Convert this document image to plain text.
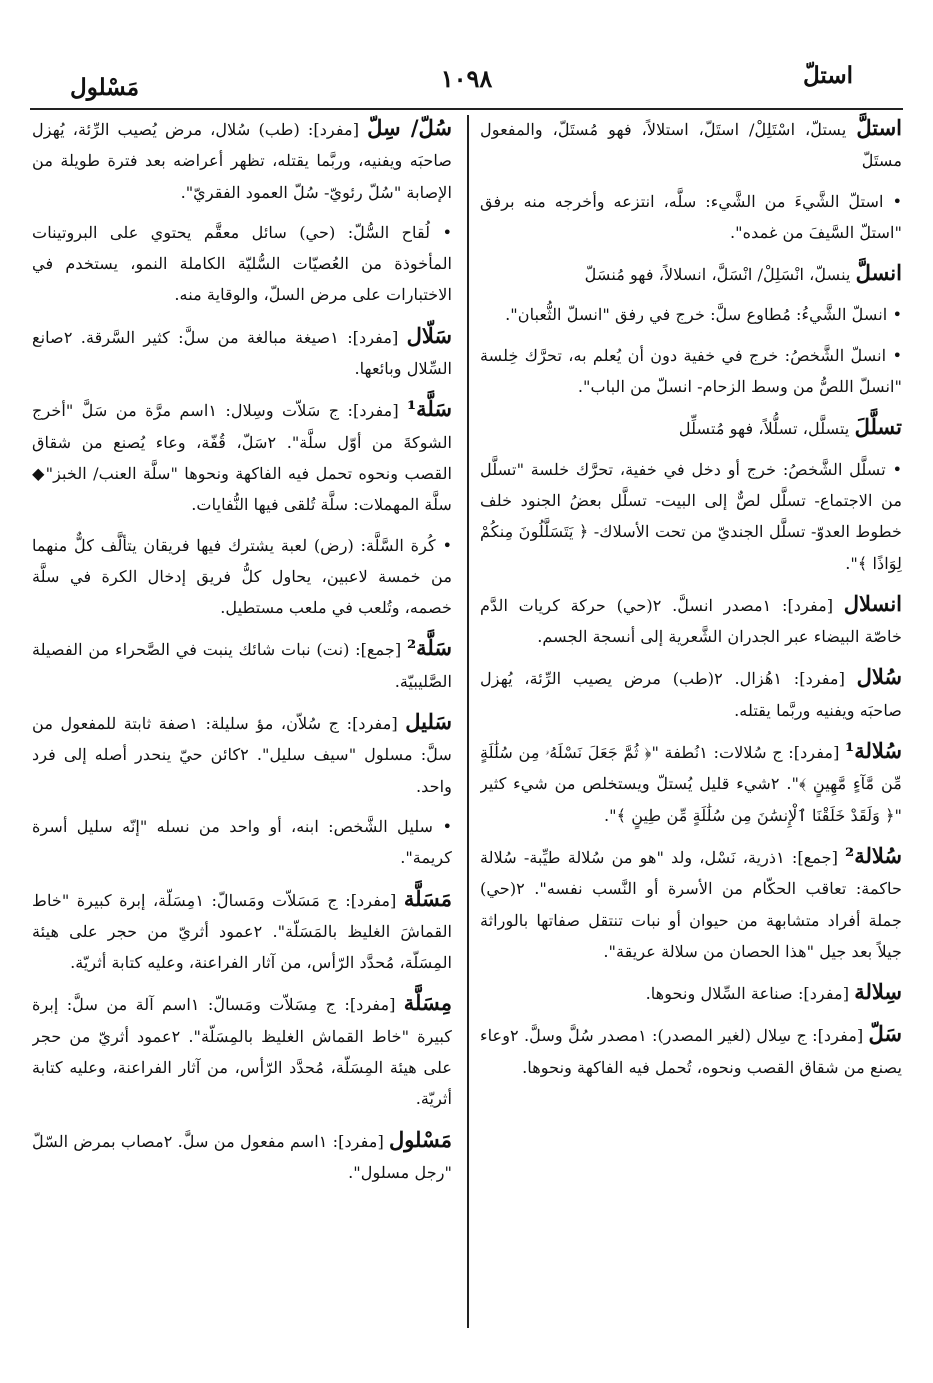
استلّ
١٠٩٨
مَسْلول

استلَّ يستلّ، اسْتَلِلْ/ استَلّ، استلالاً، فهو مُستَلّ، والمفعول مستَلّ

• استلّ الشَّيءَ من الشَّيء: سلَّه، انتزعه وأخرجه منه برفق "استلّ السَّيفَ من غمده".

انسلَّ ينسلّ، انْسَلِلْ/ انْسَلَّ، انسلالاً، فهو مُنسَلّ

• انسلّ الشَّيءُ: مُطاوع سلَّ: خرج في رفق "انسلّ الثُّعبان".

• انسلّ الشَّخصُ: خرج في خفية دون أن يُعلم به، تحرَّك خِلسة "انسلّ اللصُّ من وسط الزحام- انسلّ من الباب".

تسلَّلَ يتسلَّل، تسلُّلاً، فهو مُتسلِّل

• تسلَّل الشَّخصُ: خرج أو دخل في خفية، تحرَّك خلسة "تسلَّل من الاجتماع- تسلَّل لصٌّ إلى البيت- تسلَّل بعضُ الجنود خلف خطوط العدوّ- تسلَّل الجنديّ من تحت الأسلاك- ﴿ يَتَسَلَّلُونَ مِنكُمْ لِوَاذًا ﴾".

انسلال [مفرد]: ١مصدر انسلَّ. ٢(حي) حركة كريات الدَّم خاصّة البيضاء عبر الجدران الشَّعرية إلى أنسجة الجسم.

سُلال [مفرد]: ١هُزال. ٢(طب) مرض يصيب الرِّئة، يُهزل صاحبَه ويفنيه وربَّما يقتله.

سُلالة¹ [مفرد]: ج سُلالات: ١نُطفة "﴿ ثُمَّ جَعَلَ نَسْلَهُۥ مِن سُلَٰلَةٍ مِّن مَّآءٍ مَّهِينٍ ﴾". ٢شيء قليل يُستلّ ويستخلص من شيء كثير "﴿ وَلَقَدْ خَلَقْنَا ٱلْإِنسَٰنَ مِن سُلَٰلَةٍ مِّن طِينٍ ﴾".

سُلالة² [جمع]: ١ذرية، نَسْل، ولد "هو من سُلالة طيِّبة- سُلالة حاكمة: تعاقب الحكّام من الأسرة أو النَّسب نفسه". ٢(حي) جملة أفراد متشابهة من حيوان أو نبات تنتقل صفاتها بالوراثة جيلاً بعد جيل "هذا الحصان من سلالة عريقة".

سِلالة [مفرد]: صناعة السِّلال ونحوها.

سَلّ [مفرد]: ج سِلال (لغير المصدر): ١مصدر سُلَّ وسلَّ. ٢وعاء يصنع من شقاق القصب ونحوه، تُحمل فيه الفاكهة ونحوها.

سُلّ/ سِلّ [مفرد]: (طب) سُلال، مرض يُصيب الرِّئة، يُهزل صاحبَه ويفنيه، وربَّما يقتله، تظهر أعراضه بعد فترة طويلة من الإصابة "سُلّ رئويّ- سُلّ العمود الفقريّ".

• لُقاح السُّلّ: (حي) سائل معقَّم يحتوي على البروتينات المأخوذة من العُصيّات السُّليّة الكاملة النمو، يستخدم في الاختبارات على مرض السلّ، والوقاية منه.

سَلّال [مفرد]: ١صيغة مبالغة من سلَّ: كثير السَّرقة. ٢صانع السِّلال وبائعها.

سَلَّة¹ [مفرد]: ج سَلاّت وسِلال: ١اسم مرَّة من سَلَّ "أخرج الشوكةَ من أوّل سلَّة". ٢سَلّ، قُفّة، وعاء يُصنع من شقاق القصب ونحوه تحمل فيه الفاكهة ونحوها "سلَّة العنب/ الخبز"◆ سلَّة المهملات: سلَّة تُلقى فيها النُّفايات.

• كُرة السَّلَّة: (رض) لعبة يشترك فيها فريقان يتألَّف كلٌّ منهما من خمسة لاعبين، يحاول كلُّ فريق إدخال الكرة في سلَّة خصمه، وتُلعب في ملعب مستطيل.

سَلَّة² [جمع]: (نت) نبات شائك ينبت في الصَّحراء من الفصيلة الصَّليبيّة.

سَليل [مفرد]: ج سُلاّن، مؤ سليلة: ١صفة ثابتة للمفعول من سلَّ: مسلول "سيف سليل". ٢كائن حيّ ينحدر أصله إلى فرد واحد.

• سليل الشَّخص: ابنه، أو واحد من نسله "إنّه سليل أسرة كريمة".

مَسَلَّة [مفرد]: ج مَسَلاّت ومَسالّ: ١مِسَلّة، إبرة كبيرة "خاط القماشَ الغليظ بالمَسَلّة". ٢عمود أثريّ من حجر على هيئة المِسَلّة، مُحدَّد الرّأس، من آثار الفراعنة، وعليه كتابة أثريّة.

مِسَلَّة [مفرد]: ج مِسَلاّت ومَسالّ: ١اسم آلة من سلَّ: إبرة كبيرة "خاط القماش الغليظ بالمِسَلّة". ٢عمود أثريّ من حجر على هيئة المِسَلّة، مُحدَّد الرّأس، من آثار الفراعنة، وعليه كتابة أثريّة.

مَسْلول [مفرد]: ١اسم مفعول من سلَّ. ٢مصاب بمرض السّلّ "رجل مسلول".
